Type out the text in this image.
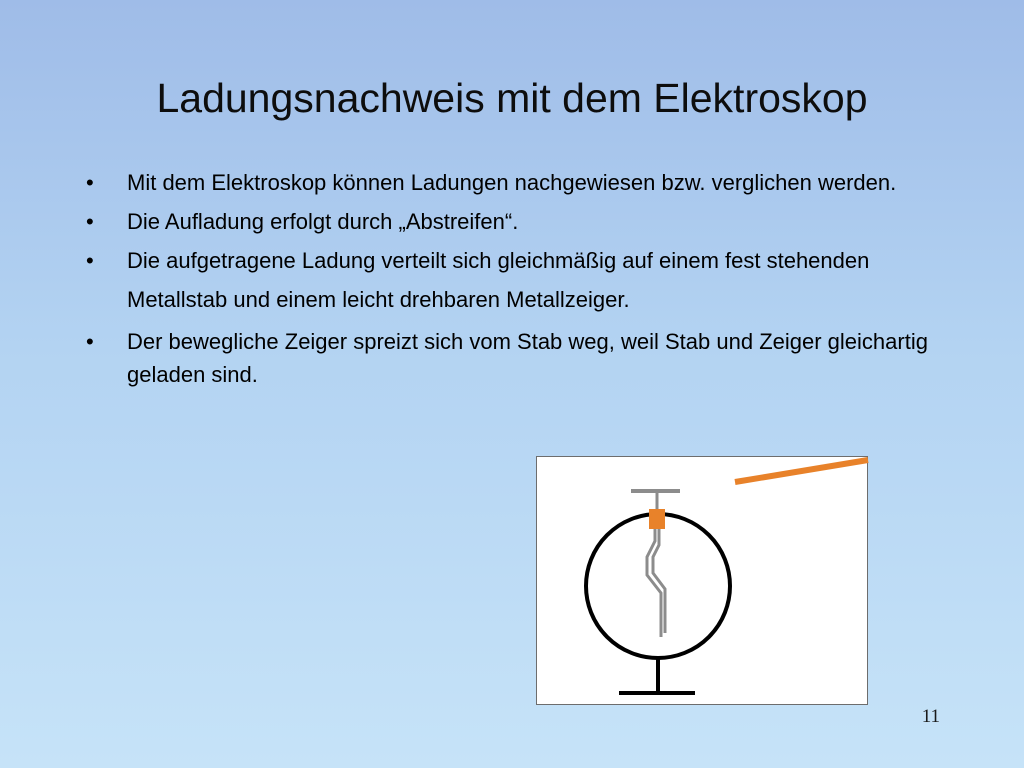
Ladungsnachweis mit dem Elektroskop
• Mit dem Elektroskop können Ladungen nachgewiesen bzw. verglichen werden.
• Die Aufladung erfolgt durch „Abstreifen“.
• Die aufgetragene Ladung verteilt sich gleichmäßig auf einem fest stehenden Metallstab und einem leicht drehbaren Metallzeiger.
• Der bewegliche Zeiger spreizt sich vom Stab weg, weil Stab und Zeiger gleichartig geladen sind.
11
